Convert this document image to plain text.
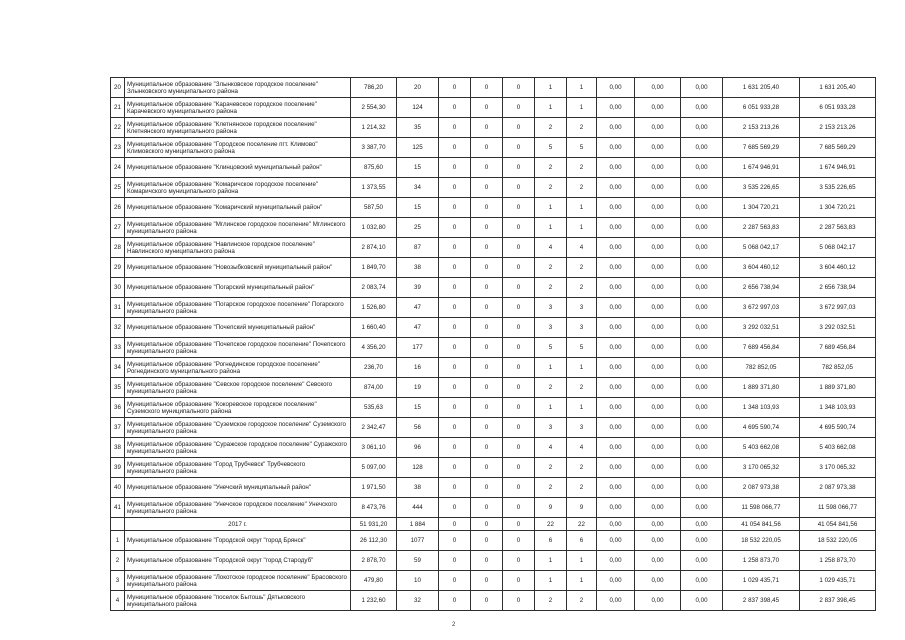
20	Муниципальное образование "Злынковское городское поселение" Злынковского муниципального района	786,20	20	0	0	0	1	1	0,00	0,00	0,00	1 631 205,40	1 631 205,40
21	Муниципальное образование "Карачевское городское поселение" Карачевского муниципального района	2 554,30	124	0	0	0	1	1	0,00	0,00	0,00	6 051 933,28	6 051 933,28
22	Муниципальное образование "Клетнянское городское поселение" Клетнянского муниципального района	1 214,32	35	0	0	0	2	2	0,00	0,00	0,00	2 153 213,26	2 153 213,26
23	Муниципальное образование "Городское поселение пгт. Климово" Климовского муниципального района	3 387,70	125	0	0	0	5	5	0,00	0,00	0,00	7 685 569,29	7 685 569,29
24	Муниципальное образование "Клинцовский муниципальный район"	875,60	15	0	0	0	2	2	0,00	0,00	0,00	1 674 946,91	1 674 946,91
25	Муниципальное образование "Комаричское городское поселение" Комаричского муниципального района	1 373,55	34	0	0	0	2	2	0,00	0,00	0,00	3 535 226,65	3 535 226,65
26	Муниципальное образование "Комаричский муниципальный район"	587,50	15	0	0	0	1	1	0,00	0,00	0,00	1 304 720,21	1 304 720,21
27	Муниципальное образование "Мглинское городское поселение" Мглинского муниципального района	1 032,80	25	0	0	0	1	1	0,00	0,00	0,00	2 287 563,83	2 287 563,83
28	Муниципальное образование "Навлинское городское поселение" Навлинского муниципального района	2 874,10	87	0	0	0	4	4	0,00	0,00	0,00	5 068 042,17	5 068 042,17
29	Муниципальное образование "Новозыбковский муниципальный район"	1 849,70	38	0	0	0	2	2	0,00	0,00	0,00	3 604 460,12	3 604 460,12
30	Муниципальное образование "Погарский муниципальный район"	2 083,74	39	0	0	0	2	2	0,00	0,00	0,00	2 656 738,94	2 656 738,94
31	Муниципальное образование "Погарское городское поселение" Погарского муниципального района	1 526,80	47	0	0	0	3	3	0,00	0,00	0,00	3 672 997,03	3 672 997,03
32	Муниципальное образование "Почепский муниципальный район"	1 660,40	47	0	0	0	3	3	0,00	0,00	0,00	3 292 032,51	3 292 032,51
33	Муниципальное образование "Почепское городское поселение" Почепского муниципального района	4 356,20	177	0	0	0	5	5	0,00	0,00	0,00	7 689 456,84	7 689 456,84
34	Муниципальное образование "Рогнединское городское поселение" Рогнединского муниципального района	236,70	16	0	0	0	1	1	0,00	0,00	0,00	782 852,05	782 852,05
35	Муниципальное образование "Севское городское поселение" Севского муниципального района	874,00	19	0	0	0	2	2	0,00	0,00	0,00	1 889 371,80	1 889 371,80
36	Муниципальное образование "Кокоревское городское поселение" Суземского муниципального района	535,63	15	0	0	0	1	1	0,00	0,00	0,00	1 348 103,93	1 348 103,93
37	Муниципальное образование "Суземское городское поселение" Суземского муниципального района	2 342,47	56	0	0	0	3	3	0,00	0,00	0,00	4 695 590,74	4 695 590,74
38	Муниципальное образование "Суражское городское поселение" Суражского муниципального района	3 061,10	96	0	0	0	4	4	0,00	0,00	0,00	5 403 662,08	5 403 662,08
39	Муниципальное образование "Город Трубчевск" Трубчевского муниципального района	5 097,00	128	0	0	0	2	2	0,00	0,00	0,00	3 170 065,32	3 170 065,32
40	Муниципальное образование "Унечский муниципальный район"	1 971,50	38	0	0	0	2	2	0,00	0,00	0,00	2 087 973,38	2 087 973,38
41	Муниципальное образование "Унечское городское поселение" Унечского муниципального района	8 473,76	444	0	0	0	9	9	0,00	0,00	0,00	11 598 066,77	11 598 066,77
	2017 г.	51 931,20	1 884	0	0	0	22	22	0,00	0,00	0,00	41 054 841,56	41 054 841,56
1	Муниципальное образование "Городской округ "город Брянск"	26 112,30	1077	0	0	0	6	6	0,00	0,00	0,00	18 532 220,05	18 532 220,05
2	Муниципальное образование "Городской округ "город Стародуб"	2 878,70	59	0	0	0	1	1	0,00	0,00	0,00	1 258 873,70	1 258 873,70
3	Муниципальное образование "Локотское городское поселение" Брасовского муниципального района	479,80	10	0	0	0	1	1	0,00	0,00	0,00	1 029 435,71	1 029 435,71
4	Муниципальное образование "поселок Бытошь" Дятьковского муниципального района	1 232,60	32	0	0	0	2	2	0,00	0,00	0,00	2 837 398,45	2 837 398,45
2
